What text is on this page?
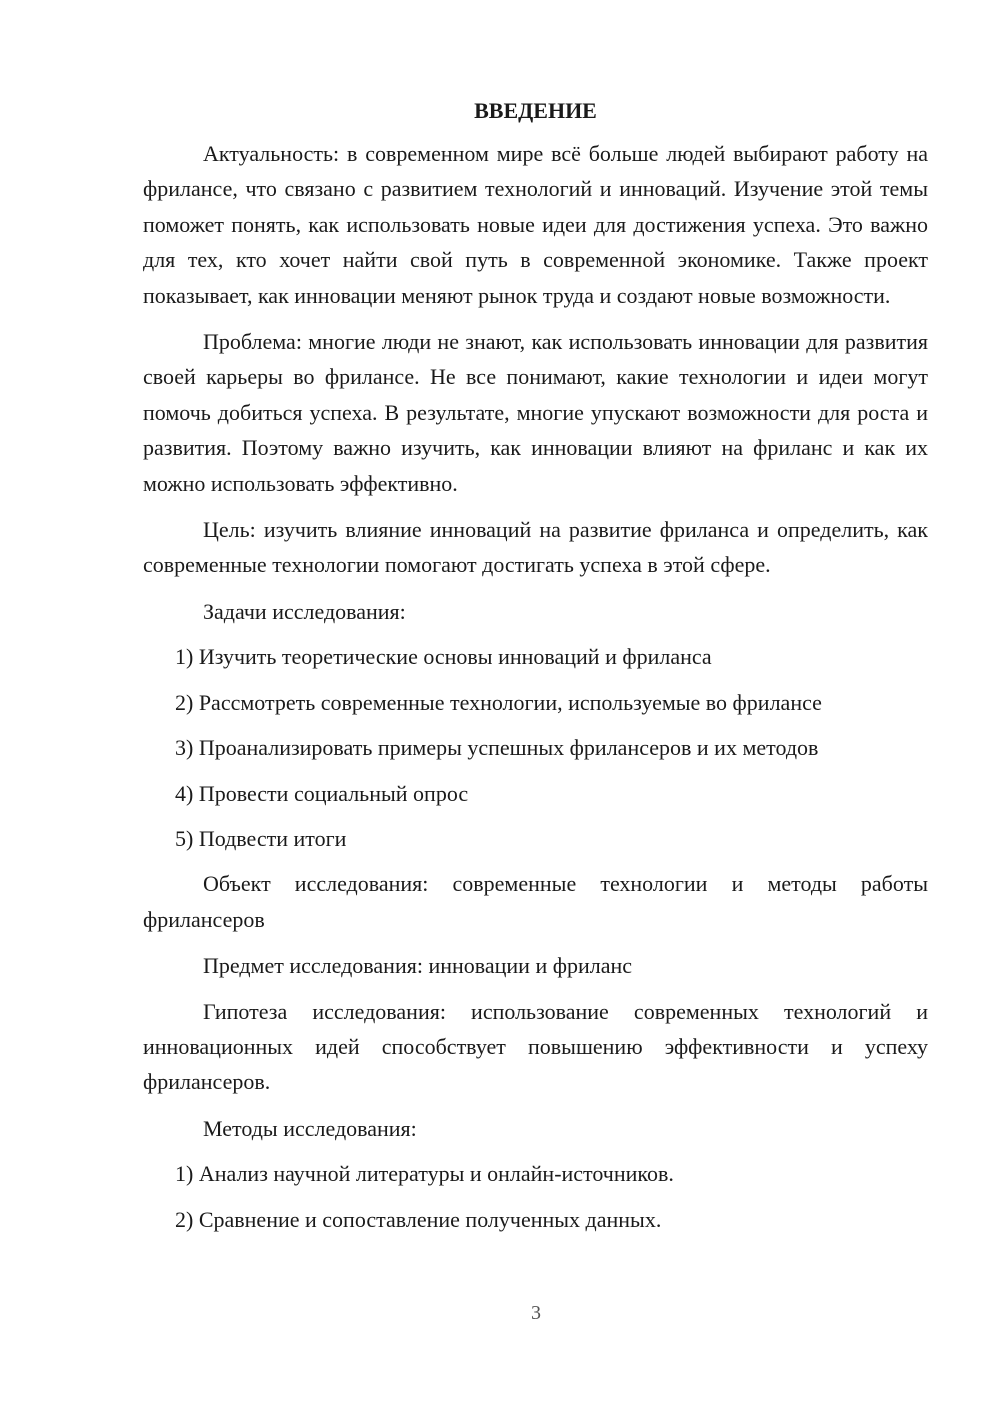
ВВЕДЕНИЕ

Актуальность: в современном мире всё больше людей выбирают работу на фрилансе, что связано с развитием технологий и инноваций. Изучение этой темы поможет понять, как использовать новые идеи для достижения успеха. Это важно для тех, кто хочет найти свой путь в современной экономике. Также проект показывает, как инновации меняют рынок труда и создают новые возможности.

Проблема: многие люди не знают, как использовать инновации для развития своей карьеры во фрилансе. Не все понимают, какие технологии и идеи могут помочь добиться успеха. В результате, многие упускают возможности для роста и развития. Поэтому важно изучить, как инновации влияют на фриланс и как их можно использовать эффективно.

Цель: изучить влияние инноваций на развитие фриланса и определить, как современные технологии помогают достигать успеха в этой сфере.

Задачи исследования:

1) Изучить теоретические основы инноваций и фриланса

2) Рассмотреть современные технологии, используемые во фрилансе

3) Проанализировать примеры успешных фрилансеров и их методов

4) Провести социальный опрос

5) Подвести итоги

Объект исследования: современные технологии и методы работы фрилансеров

Предмет исследования: инновации и фриланс

Гипотеза исследования: использование современных технологий и инновационных идей способствует повышению эффективности и успеху фрилансеров.

Методы исследования:

1) Анализ научной литературы и онлайн-источников.

2) Сравнение и сопоставление полученных данных.

3
